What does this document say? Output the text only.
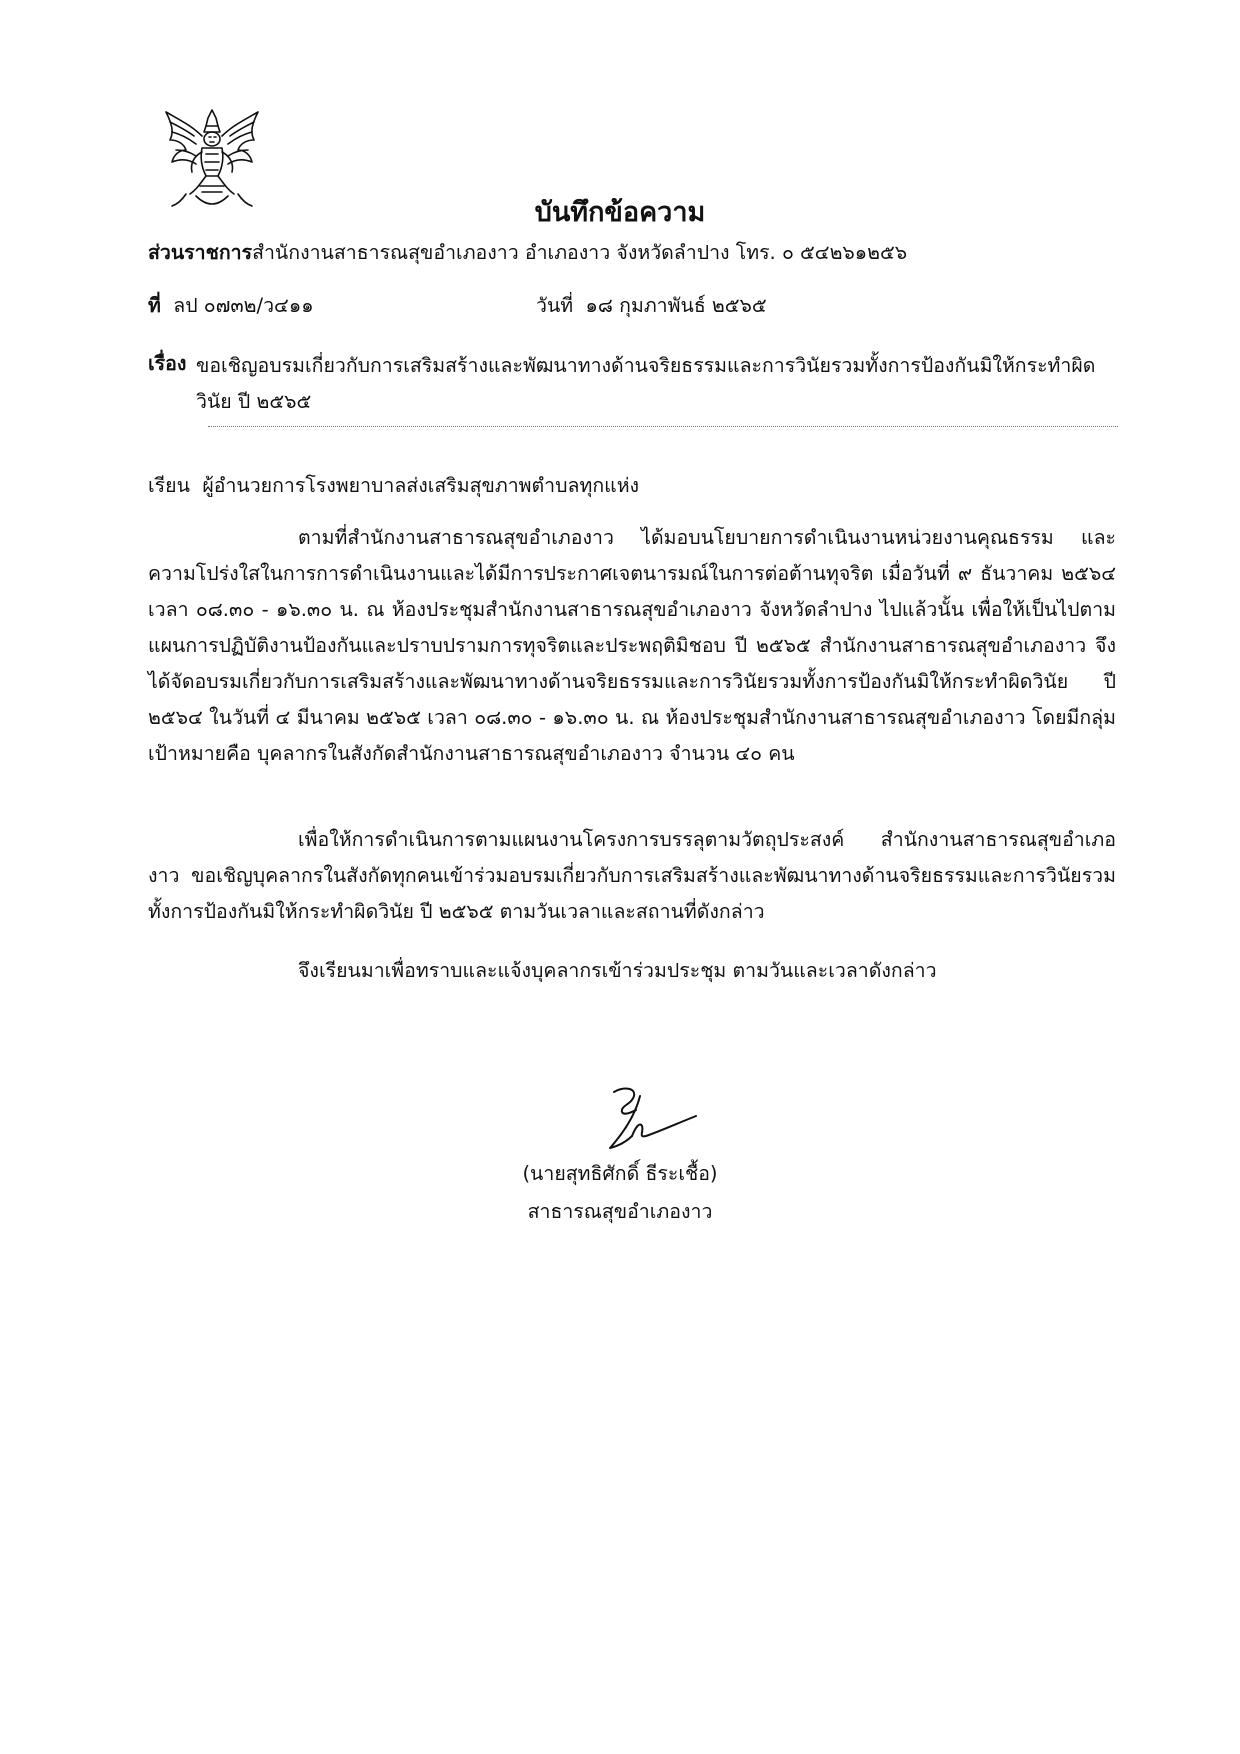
บันทึกข้อความ
ส่วนราชการสำนักงานสาธารณสุขอำเภองาว อำเภองาว จังหวัดลำปาง โทร. ๐ ๕๔๒๖๑๒๕๖
ที่ ลป ๐๗๓๒/ว๔๑๑	วันที่ ๑๘ กุมภาพันธ์ ๒๕๖๕
เรื่อง ขอเชิญอบรมเกี่ยวกับการเสริมสร้างและพัฒนาทางด้านจริยธรรมและการวินัยรวมทั้งการป้องกันมิให้กระทำผิดวินัย ปี ๒๕๖๕
เรียน ผู้อำนวยการโรงพยาบาลส่งเสริมสุขภาพตำบลทุกแห่ง
ตามที่สำนักงานสาธารณสุขอำเภองาว ได้มอบนโยบายการดำเนินงานหน่วยงานคุณธรรม และความโปร่งใสในการการดำเนินงานและได้มีการประกาศเจตนารมณ์ในการต่อต้านทุจริต เมื่อวันที่ ๙ ธันวาคม ๒๕๖๔ เวลา ๐๘.๓๐ - ๑๖.๓๐ น. ณ ห้องประชุมสำนักงานสาธารณสุขอำเภองาว จังหวัดลำปาง ไปแล้วนั้น เพื่อให้เป็นไปตามแผนการปฏิบัติงานป้องกันและปราบปรามการทุจริตและประพฤติมิชอบ ปี ๒๕๖๕ สำนักงานสาธารณสุขอำเภองาว จึงได้จัดอบรมเกี่ยวกับการเสริมสร้างและพัฒนาทางด้านจริยธรรมและการวินัยรวมทั้งการป้องกันมิให้กระทำผิดวินัย ปี ๒๕๖๔ ในวันที่ ๔ มีนาคม ๒๕๖๕ เวลา ๐๘.๓๐ - ๑๖.๓๐ น. ณ ห้องประชุมสำนักงานสาธารณสุขอำเภองาว โดยมีกลุ่มเป้าหมายคือ บุคลากรในสังกัดสำนักงานสาธารณสุขอำเภองาว จำนวน ๔๐ คน
เพื่อให้การดำเนินการตามแผนงานโครงการบรรลุตามวัตถุประสงค์ สำนักงานสาธารณสุขอำเภองาว ขอเชิญบุคลากรในสังกัดทุกคนเข้าร่วมอบรมเกี่ยวกับการเสริมสร้างและพัฒนาทางด้านจริยธรรมและการวินัยรวมทั้งการป้องกันมิให้กระทำผิดวินัย ปี ๒๕๖๕ ตามวันเวลาและสถานที่ดังกล่าว
จึงเรียนมาเพื่อทราบและแจ้งบุคลากรเข้าร่วมประชุม ตามวันและเวลาดังกล่าว
(นายสุทธิศักดิ์ ธีระเชื้อ)
สาธารณสุขอำเภองาว
